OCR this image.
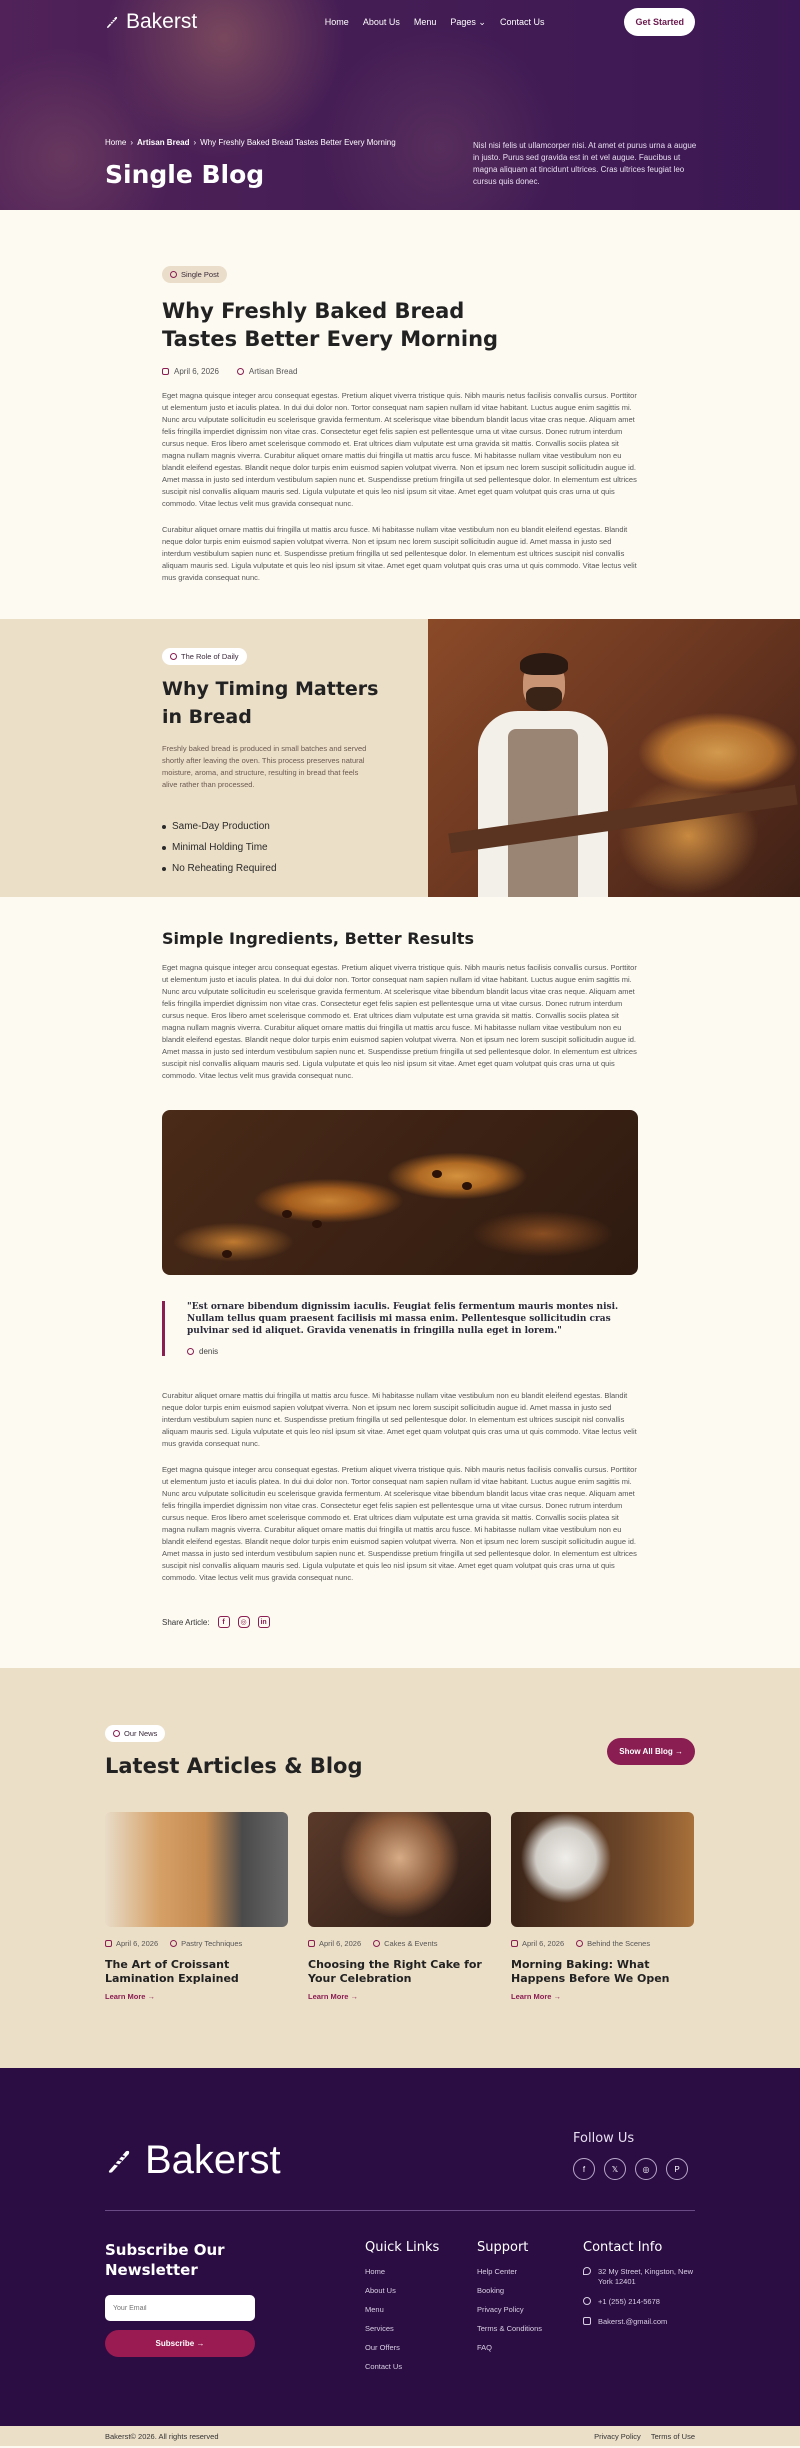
Bakerst	Home About Us Menu Pages ⌄ Contact Us	Get Started
Home › Artisan Bread › Why Freshly Baked Bread Tastes Better Every Morning
Single Blog

Nisl nisi felis ut ullamcorper nisi. At amet et purus urna a augue in justo. Purus sed gravida est in et vel augue. Faucibus ut magna aliquam at tincidunt ultrices. Cras ultrices feugiat leo cursus quis donec.

Single Post
Why Freshly Baked Bread Tastes Better Every Morning
April 6, 2026	Artisan Bread

Eget magna quisque integer arcu consequat egestas. Pretium aliquet viverra tristique quis. Nibh mauris netus facilisis convallis cursus. Porttitor ut elementum justo et iaculis platea. In dui dui dolor non. Tortor consequat nam sapien nullam id vitae habitant. Luctus augue enim sagittis mi. Nunc arcu vulputate sollicitudin eu scelerisque gravida fermentum. At scelerisque vitae bibendum blandit lacus vitae cras neque. Aliquam amet felis fringilla imperdiet dignissim non vitae cras. Consectetur eget felis sapien est pellentesque urna ut vitae cursus. Donec rutrum interdum cursus neque. Eros libero amet scelerisque commodo et. Erat ultrices diam vulputate est urna gravida sit mattis. Convallis sociis platea sit magna nullam magnis viverra. Curabitur aliquet ornare mattis dui fringilla ut mattis arcu fusce. Mi habitasse nullam vitae vestibulum non eu blandit eleifend egestas. Blandit neque dolor turpis enim euismod sapien volutpat viverra. Non et ipsum nec lorem suscipit sollicitudin augue id. Amet massa in justo sed interdum vestibulum sapien nunc et. Suspendisse pretium fringilla ut sed pellentesque dolor. In elementum est ultrices suscipit nisl convallis aliquam mauris sed. Ligula vulputate et quis leo nisl ipsum sit vitae. Amet eget quam volutpat quis cras urna ut quis commodo. Vitae lectus velit mus gravida consequat nunc.

Curabitur aliquet ornare mattis dui fringilla ut mattis arcu fusce. Mi habitasse nullam vitae vestibulum non eu blandit eleifend egestas. Blandit neque dolor turpis enim euismod sapien volutpat viverra. Non et ipsum nec lorem suscipit sollicitudin augue id. Amet massa in justo sed interdum vestibulum sapien nunc et. Suspendisse pretium fringilla ut sed pellentesque dolor. In elementum est ultrices suscipit nisl convallis aliquam mauris sed. Ligula vulputate et quis leo nisl ipsum sit vitae. Amet eget quam volutpat quis cras urna ut quis commodo. Vitae lectus velit mus gravida consequat nunc.

The Role of Daily
Why Timing Matters in Bread

Freshly baked bread is produced in small batches and served shortly after leaving the oven. This process preserves natural moisture, aroma, and structure, resulting in bread that feels alive rather than processed.

Same-Day Production
Minimal Holding Time
No Reheating Required
Simple Ingredients, Better Results

Eget magna quisque integer arcu consequat egestas. Pretium aliquet viverra tristique quis. Nibh mauris netus facilisis convallis cursus. Porttitor ut elementum justo et iaculis platea. In dui dui dolor non. Tortor consequat nam sapien nullam id vitae habitant. Luctus augue enim sagittis mi. Nunc arcu vulputate sollicitudin eu scelerisque gravida fermentum. At scelerisque vitae bibendum blandit lacus vitae cras neque. Aliquam amet felis fringilla imperdiet dignissim non vitae cras. Consectetur eget felis sapien est pellentesque urna ut vitae cursus. Donec rutrum interdum cursus neque. Eros libero amet scelerisque commodo et. Erat ultrices diam vulputate est urna gravida sit mattis. Convallis sociis platea sit magna nullam magnis viverra. Curabitur aliquet ornare mattis dui fringilla ut mattis arcu fusce. Mi habitasse nullam vitae vestibulum non eu blandit eleifend egestas. Blandit neque dolor turpis enim euismod sapien volutpat viverra. Non et ipsum nec lorem suscipit sollicitudin augue id. Amet massa in justo sed interdum vestibulum sapien nunc et. Suspendisse pretium fringilla ut sed pellentesque dolor. In elementum est ultrices suscipit nisl convallis aliquam mauris sed. Ligula vulputate et quis leo nisl ipsum sit vitae. Amet eget quam volutpat quis cras urna ut quis commodo. Vitae lectus velit mus gravida consequat nunc.

"Est ornare bibendum dignissim iaculis. Feugiat felis fermentum mauris montes nisi. Nullam tellus quam praesent facilisis mi massa enim. Pellentesque sollicitudin cras pulvinar sed id aliquet. Gravida venenatis in fringilla nulla eget in lorem."

denis

Curabitur aliquet ornare mattis dui fringilla ut mattis arcu fusce. Mi habitasse nullam vitae vestibulum non eu blandit eleifend egestas. Blandit neque dolor turpis enim euismod sapien volutpat viverra. Non et ipsum nec lorem suscipit sollicitudin augue id. Amet massa in justo sed interdum vestibulum sapien nunc et. Suspendisse pretium fringilla ut sed pellentesque dolor. In elementum est ultrices suscipit nisl convallis aliquam mauris sed. Ligula vulputate et quis leo nisl ipsum sit vitae. Amet eget quam volutpat quis cras urna ut quis commodo. Vitae lectus velit mus gravida consequat nunc.

Eget magna quisque integer arcu consequat egestas. Pretium aliquet viverra tristique quis. Nibh mauris netus facilisis convallis cursus. Porttitor ut elementum justo et iaculis platea. In dui dui dolor non. Tortor consequat nam sapien nullam id vitae habitant. Luctus augue enim sagittis mi. Nunc arcu vulputate sollicitudin eu scelerisque gravida fermentum. At scelerisque vitae bibendum blandit lacus vitae cras neque. Aliquam amet felis fringilla imperdiet dignissim non vitae cras. Consectetur eget felis sapien est pellentesque urna ut vitae cursus. Donec rutrum interdum cursus neque. Eros libero amet scelerisque commodo et. Erat ultrices diam vulputate est urna gravida sit mattis. Convallis sociis platea sit magna nullam magnis viverra. Curabitur aliquet ornare mattis dui fringilla ut mattis arcu fusce. Mi habitasse nullam vitae vestibulum non eu blandit eleifend egestas. Blandit neque dolor turpis enim euismod sapien volutpat viverra. Non et ipsum nec lorem suscipit sollicitudin augue id. Amet massa in justo sed interdum vestibulum sapien nunc et. Suspendisse pretium fringilla ut sed pellentesque dolor. In elementum est ultrices suscipit nisl convallis aliquam mauris sed. Ligula vulputate et quis leo nisl ipsum sit vitae. Amet eget quam volutpat quis cras urna ut quis commodo. Vitae lectus velit mus gravida consequat nunc.

Share Article:	f	◎	in
Our News
Latest Articles & Blog
Show All Blog →
April 6, 2026	Pastry Techniques
The Art of Croissant Lamination Explained
Learn More →
April 6, 2026	Cakes & Events
Choosing the Right Cake for Your Celebration
Learn More →
April 6, 2026	Behind the Scenes
Morning Baking: What Happens Before We Open
Learn More →
Bakerst	Follow Us
f	𝕏	◎	P
Subscribe Our Newsletter
Your Email
Subscribe
→
Quick Links
Home
About Us
Menu
Services
Our Offers
Contact Us
Support
Help Center
Booking
Privacy Policy
Terms & Conditions
FAQ
Contact Info
32 My Street, Kingston, New York 12401
+1 (255) 214-5678
Bakerst.@gmail.com
Bakerst© 2026. All rights reserved	Privacy Policy Terms of Use
